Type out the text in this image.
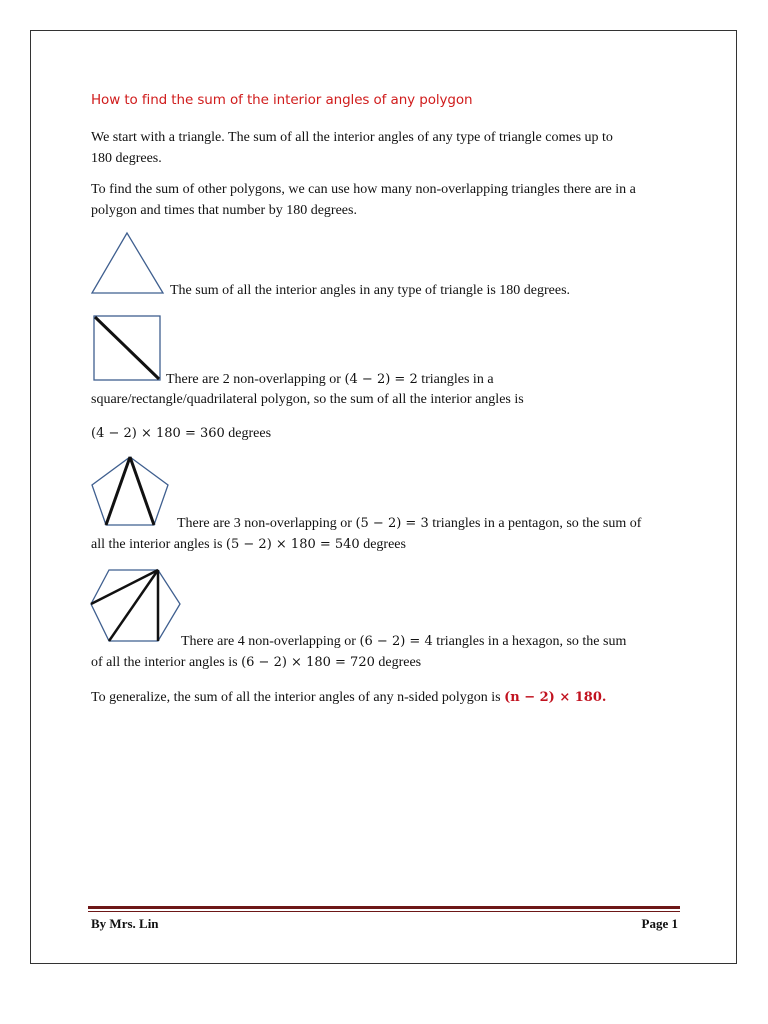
How to find the sum of the interior angles of any polygon
We start with a triangle. The sum of all the interior angles of any type of triangle comes up to
180 degrees.
To find the sum of other polygons, we can use how many non-overlapping triangles there are in a
polygon and times that number by 180 degrees.
The sum of all the interior angles in any type of triangle is 180 degrees.
There are 2 non-overlapping or (4 − 2) = 2 triangles in a
square/rectangle/quadrilateral polygon, so the sum of all the interior angles is
(4 − 2) × 180 = 360 degrees
There are 3 non-overlapping or (5 − 2) = 3 triangles in a pentagon, so the sum of
all the interior angles is (5 − 2) × 180 = 540 degrees
There are 4 non-overlapping or (6 − 2) = 4 triangles in a hexagon, so the sum
of all the interior angles is (6 − 2) × 180 = 720 degrees
To generalize, the sum of all the interior angles of any n-sided polygon is (n − 2) × 180.
By Mrs. Lin	Page 1
